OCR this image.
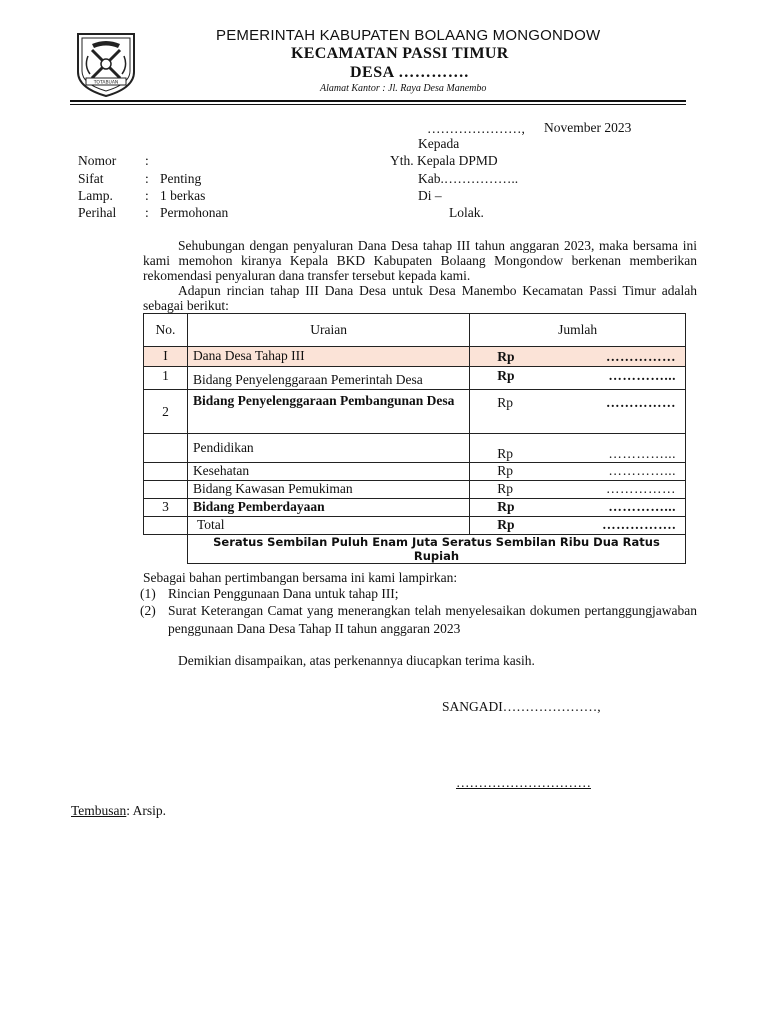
TOTABUAN
PEMERINTAH KABUPATEN BOLAANG MONGONDOW
KECAMATAN PASSI TIMUR
DESA ………….
Alamat Kantor : Jl. Raya Desa Manembo
…………………, November 2023
Kepada
Yth. Kepala DPMD
Kab.……………..
Di –
Lolak.
Nomor :
Sifat	: Penting
Lamp. : 1 berkas
Perihal : Permohonan
Sehubungan dengan penyaluran Dana Desa tahap III tahun anggaran 2023, maka bersama ini kami memohon kiranya Kepala BKD Kabupaten Bolaang Mongondow berkenan memberikan rekomendasi penyaluran dana transfer tersebut kepada kami.
Adapun rincian tahap III Dana Desa untuk Desa Manembo Kecamatan Passi Timur adalah sebagai berikut:
No.	Uraian	Jumlah
I	Dana Desa Tahap III	Rp ……………

1	Bidang Penyelenggaraan Pemerintah Desa	Rp …………...

2	Bidang Penyelenggaraan Pembangunan Desa	Rp ……………

	Pendidikan	Rp …………...

	Kesehatan	Rp …………...

	Bidang Kawasan Pemukiman	Rp ……………

3	Bidang Pemberdayaan	Rp …………...

	Total	Rp …………….

	Seratus Sembilan Puluh Enam Juta Seratus Sembilan Ribu Dua Ratus Rupiah	
Sebagai bahan pertimbangan bersama ini kami lampirkan:
(1) Rincian Penggunaan Dana untuk tahap III;
(2) Surat Keterangan Camat yang menerangkan telah menyelesaikan dokumen pertanggungjawaban penggunaan Dana Desa Tahap II tahun anggaran 2023
Demikian disampaikan, atas perkenannya diucapkan terima kasih.
SANGADI…………………,
…………………………
Tembusan: Arsip.
